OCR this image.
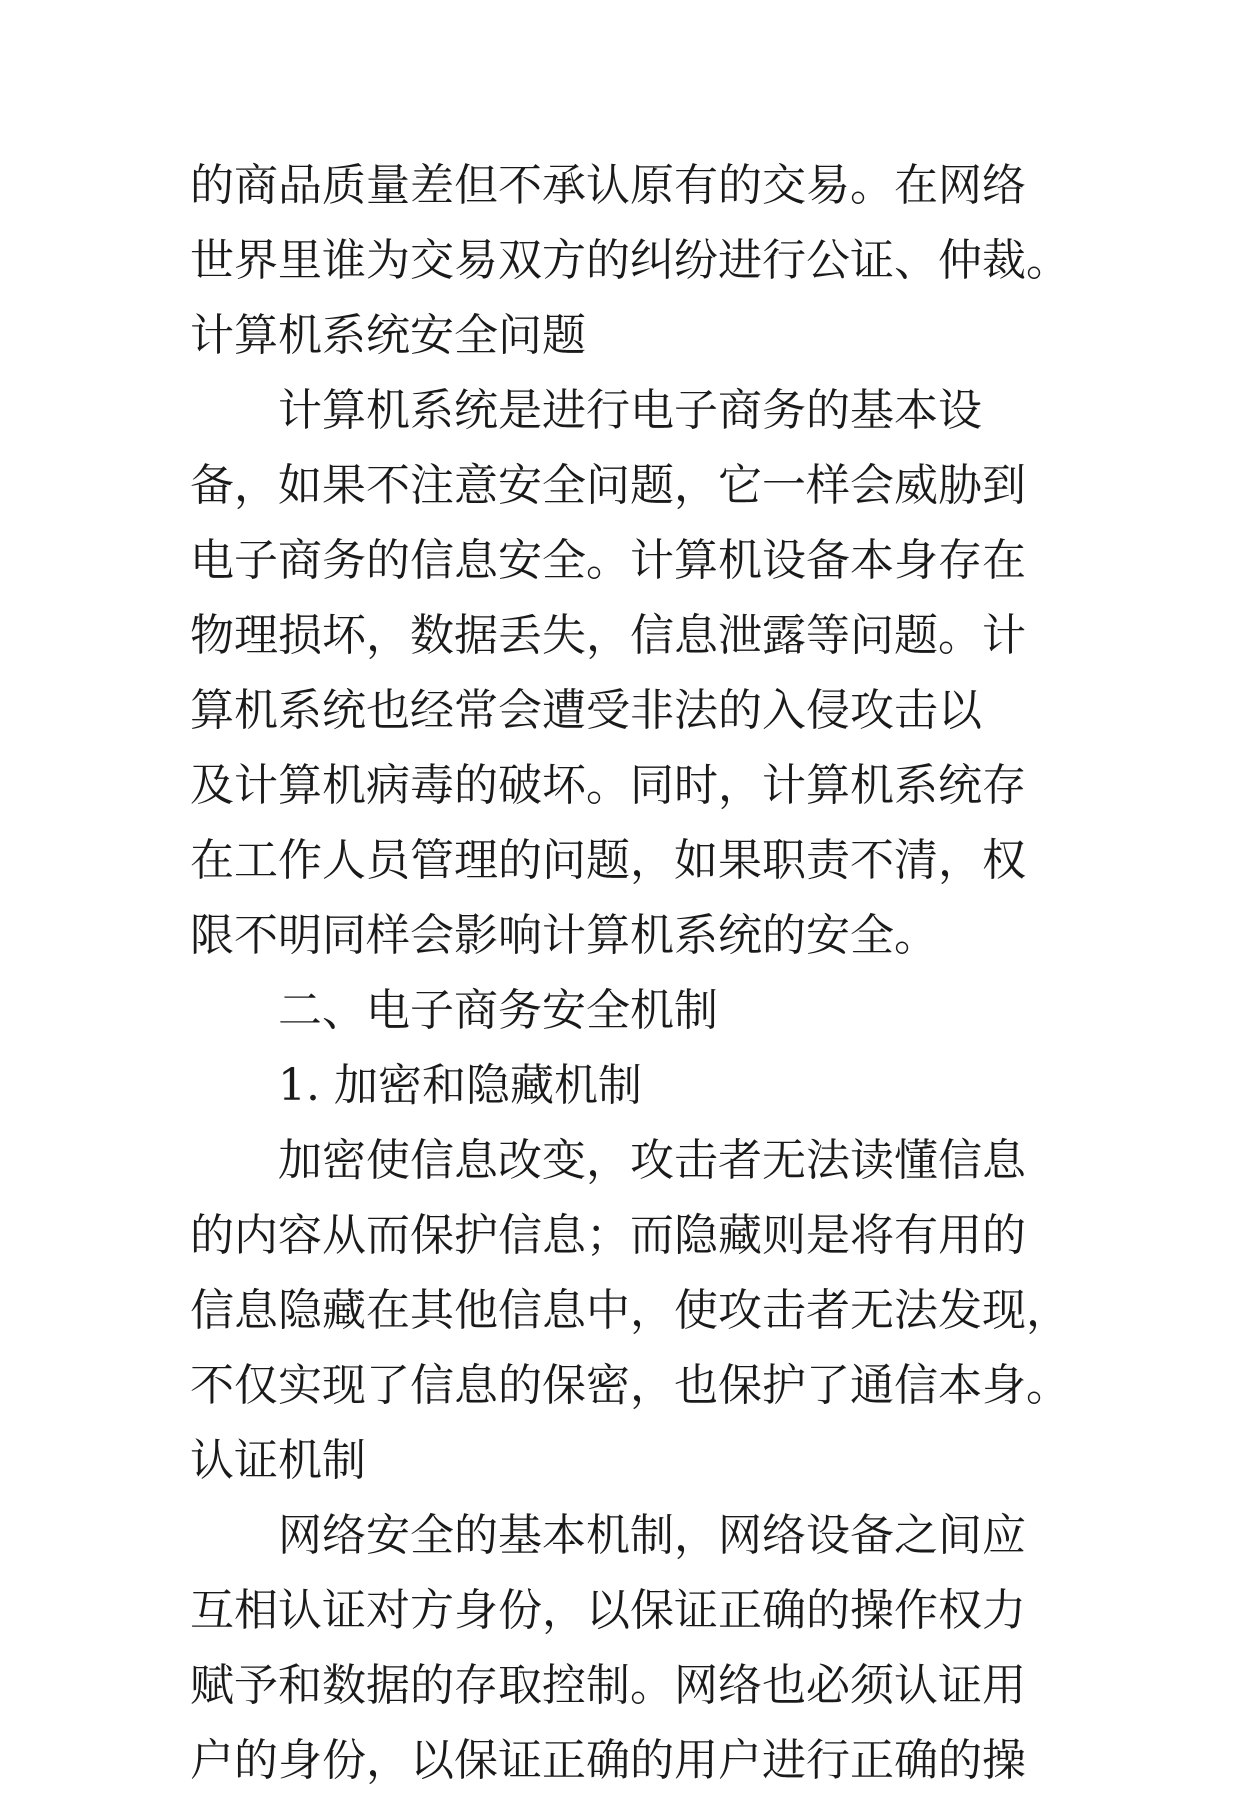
的商品质量差但不承认原有的交易。在网络
世界里谁为交易双方的纠纷进行公证、仲裁。
计算机系统安全问题
计算机系统是进行电子商务的基本设
备，如果不注意安全问题，它一样会威胁到
电子商务的信息安全。计算机设备本身存在
物理损坏，数据丢失，信息泄露等问题。计
算机系统也经常会遭受非法的入侵攻击以
及计算机病毒的破坏。同时，计算机系统存
在工作人员管理的问题，如果职责不清，权
限不明同样会影响计算机系统的安全。
二、电子商务安全机制
1. 加密和隐藏机制
加密使信息改变，攻击者无法读懂信息
的内容从而保护信息；而隐藏则是将有用的
信息隐藏在其他信息中，使攻击者无法发现，
不仅实现了信息的保密，也保护了通信本身。
认证机制
网络安全的基本机制，网络设备之间应
互相认证对方身份，以保证正确的操作权力
赋予和数据的存取控制。网络也必须认证用
户的身份，以保证正确的用户进行正确的操
